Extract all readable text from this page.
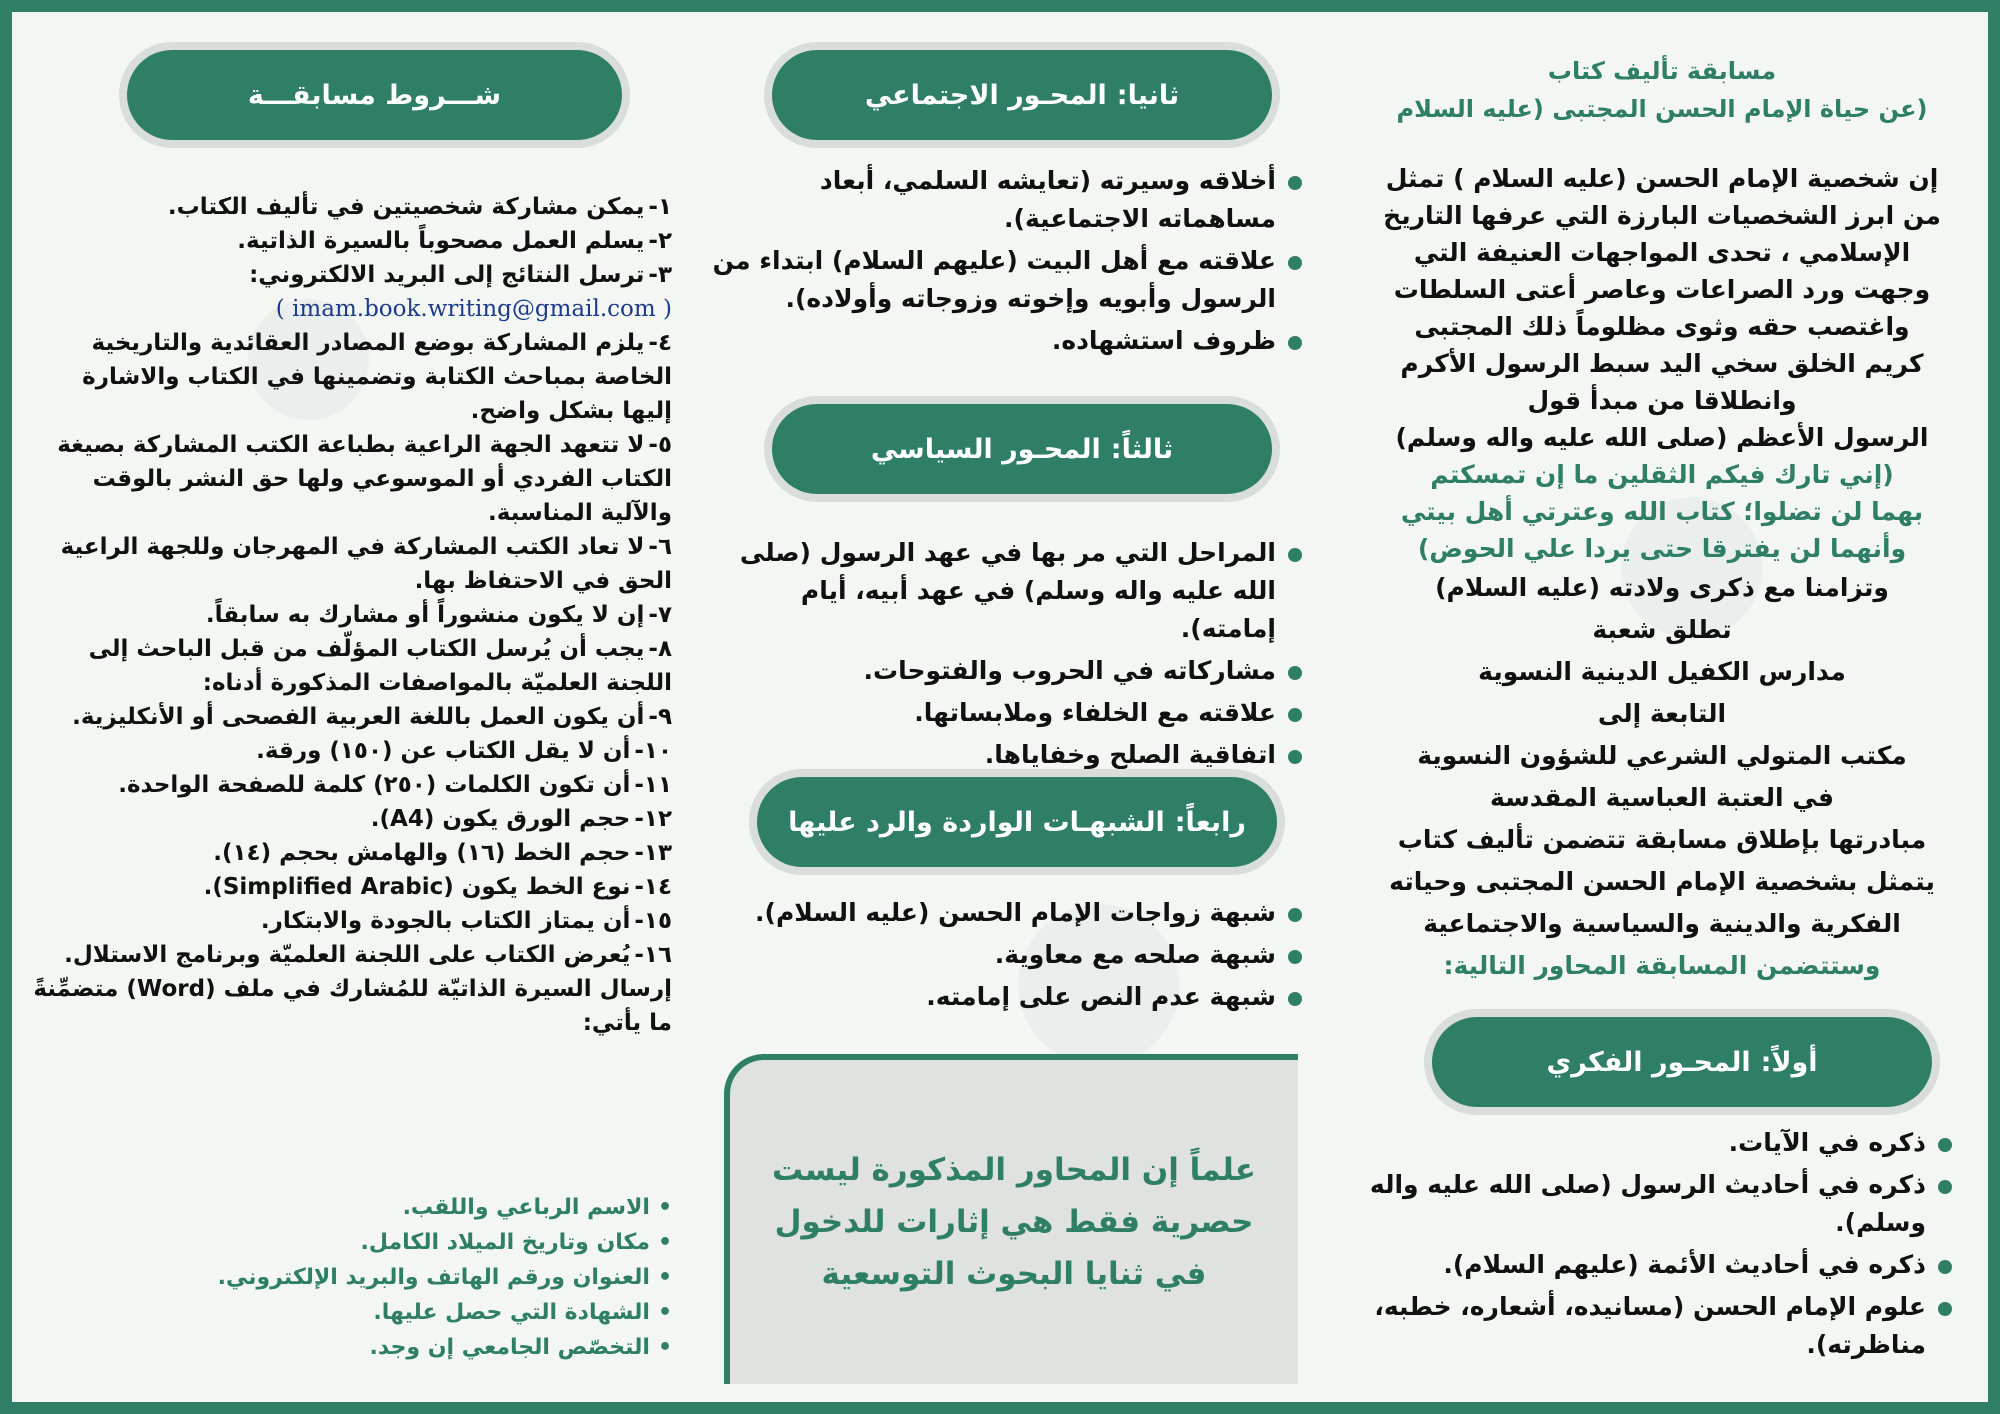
مسابقة تأليف كتاب
(عن حياة الإمام الحسن المجتبى (عليه السلام
إن شخصية الإمام الحسن (عليه السلام ) تمثل
من ابرز الشخصيات البارزة التي عرفها التاريخ
الإسلامي ، تحدى المواجهات العنيفة التي
وجهت ورد الصراعات وعاصر أعتى السلطات
واغتصب حقه وثوى مظلوماً ذلك المجتبى
كريم الخلق سخي اليد سبط الرسول الأكرم
وانطلاقا من مبدأ قول
الرسول الأعظم (صلى الله عليه واله وسلم)
(إني تارك فيكم الثقلين ما إن تمسكتم
بهما لن تضلوا؛ كتاب الله وعترتي أهل بيتي
وأنهما لن يفترقا حتى يردا علي الحوض)
وتزامنا مع ذكرى ولادته (عليه السلام)
تطلق شعبة
مدارس الكفيل الدينية النسوية
التابعة إلى
مكتب المتولي الشرعي للشؤون النسوية
في العتبة العباسية المقدسة
مبادرتها بإطلاق مسابقة تتضمن تأليف كتاب
يتمثل بشخصية الإمام الحسن المجتبى وحياته
الفكرية والدينية والسياسية والاجتماعية
وستتضمن المسابقة المحاور التالية:
أولاً:
المحـور الفكري
ذكره في الآيات.
ذكره في أحاديث الرسول (صلى الله عليه واله وسلم).
ذكره في أحاديث الأئمة (عليهم السلام).
علوم الإمام الحسن (مسانيده، أشعاره، خطبه، مناظرته).
ثانيا:
المحـور الاجتماعي
أخلاقه وسيرته (تعايشه السلمي، أبعاد مساهماته الاجتماعية).
علاقته مع أهل البيت (عليهم السلام) ابتداء من الرسول وأبويه وإخوته وزوجاته وأولاده).
ظروف استشهاده.
ثالثاً:
المحـور السياسي
المراحل التي مر بها في عهد الرسول (صلى الله عليه واله وسلم) في عهد أبيه، أيام إمامته).
مشاركاته في الحروب والفتوحات.
علاقته مع الخلفاء وملابساتها.
اتفاقية الصلح وخفاياها.
رابعاً:
الشبهـات الواردة والرد عليها
شبهة زواجات الإمام الحسن (عليه السلام).
شبهة صلحه مع معاوية.
شبهة عدم النص على إمامته.
علماً إن المحاور المذكورة ليست حصرية فقط هي إثارات للدخول في ثنايا البحوث التوسعية
شـــروط مسابقـــة
١-يمكن مشاركة شخصيتين في تأليف الكتاب.
٢-يسلم العمل مصحوباً بالسيرة الذاتية.
٣-ترسل النتائج إلى البريد الالكتروني:
( imam.book.writing@gmail.com )
٤-يلزم المشاركة بوضع المصادر العقائدية والتاريخية الخاصة بمباحث الكتابة وتضمينها في الكتاب والاشارة إليها بشكل واضح.
٥-لا تتعهد الجهة الراعية بطباعة الكتب المشاركة بصيغة الكتاب الفردي أو الموسوعي ولها حق النشر بالوقت والآلية المناسبة.
٦-لا تعاد الكتب المشاركة في المهرجان وللجهة الراعية الحق في الاحتفاظ بها.
٧-إن لا يكون منشوراً أو مشارك به سابقاً.
٨-يجب أن يُرسل الكتاب المؤلّف من قبل الباحث إلى اللجنة العلميّة بالمواصفات المذكورة أدناه:
٩-أن يكون العمل باللغة العربية الفصحى أو الأنكليزية.
١٠-أن لا يقل الكتاب عن (١٥٠) ورقة.
١١-أن تكون الكلمات (٢٥٠) كلمة للصفحة الواحدة.
١٢-حجم الورق يكون (A4).
١٣-حجم الخط (١٦) والهامش بحجم (١٤).
١٤-نوع الخط يكون (Simplified Arabic).
١٥-أن يمتاز الكتاب بالجودة والابتكار.
١٦-يُعرض الكتاب على اللجنة العلميّة وبرنامج الاستلال.
إرسال السيرة الذاتيّة للمُشارك في ملف (Word) متضمِّنةً ما يأتي:
•الاسم الرباعي واللقب.
•مكان وتاريخ الميلاد الكامل.
•العنوان ورقم الهاتف والبريد الإلكتروني.
•الشهادة التي حصل عليها.
•التخصّص الجامعي إن وجد.
